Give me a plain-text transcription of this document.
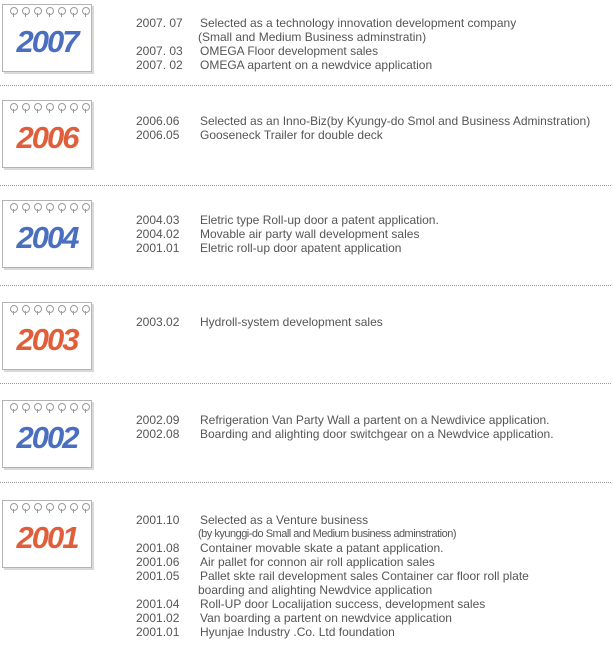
2007
2007. 07 Selected as a technology innovation development company
(Small and Medium Business adminstratin)
2007. 03 OMEGA Floor development sales
2007. 02 OMEGA apartent on a newdvice application
2006	2006.06 Selected as an Inno-Biz(by Kyungy-do Smol and Business Adminstration)
2006.05 Gooseneck Trailer for double deck
2004	2004.03 Eletric type Roll-up door a patent application.
2004.02 Movable air party wall development sales
2001.01 Eletric roll-up door apatent application
2003	2003.02 Hydroll-system development sales
2002	2002.09 Refrigeration Van Party Wall a partent on a Newdivice application.
2002.08 Boarding and alighting door switchgear on a Newdvice application.
2001	2001.10 Selected as a Venture business
(by kyunggi-do Small and Medium business adminstration)
2001.08 Container movable skate a patant application.
2001.06 Air pallet for connon air roll application sales
2001.05 Pallet skte rail development sales Container car floor roll plate
boarding and alighting Newdvice application
2001.04 Roll-UP door Localijation success, development sales
2001.02 Van boarding a partent on newdvice application
2001.01 Hyunjae Industry .Co. Ltd foundation
